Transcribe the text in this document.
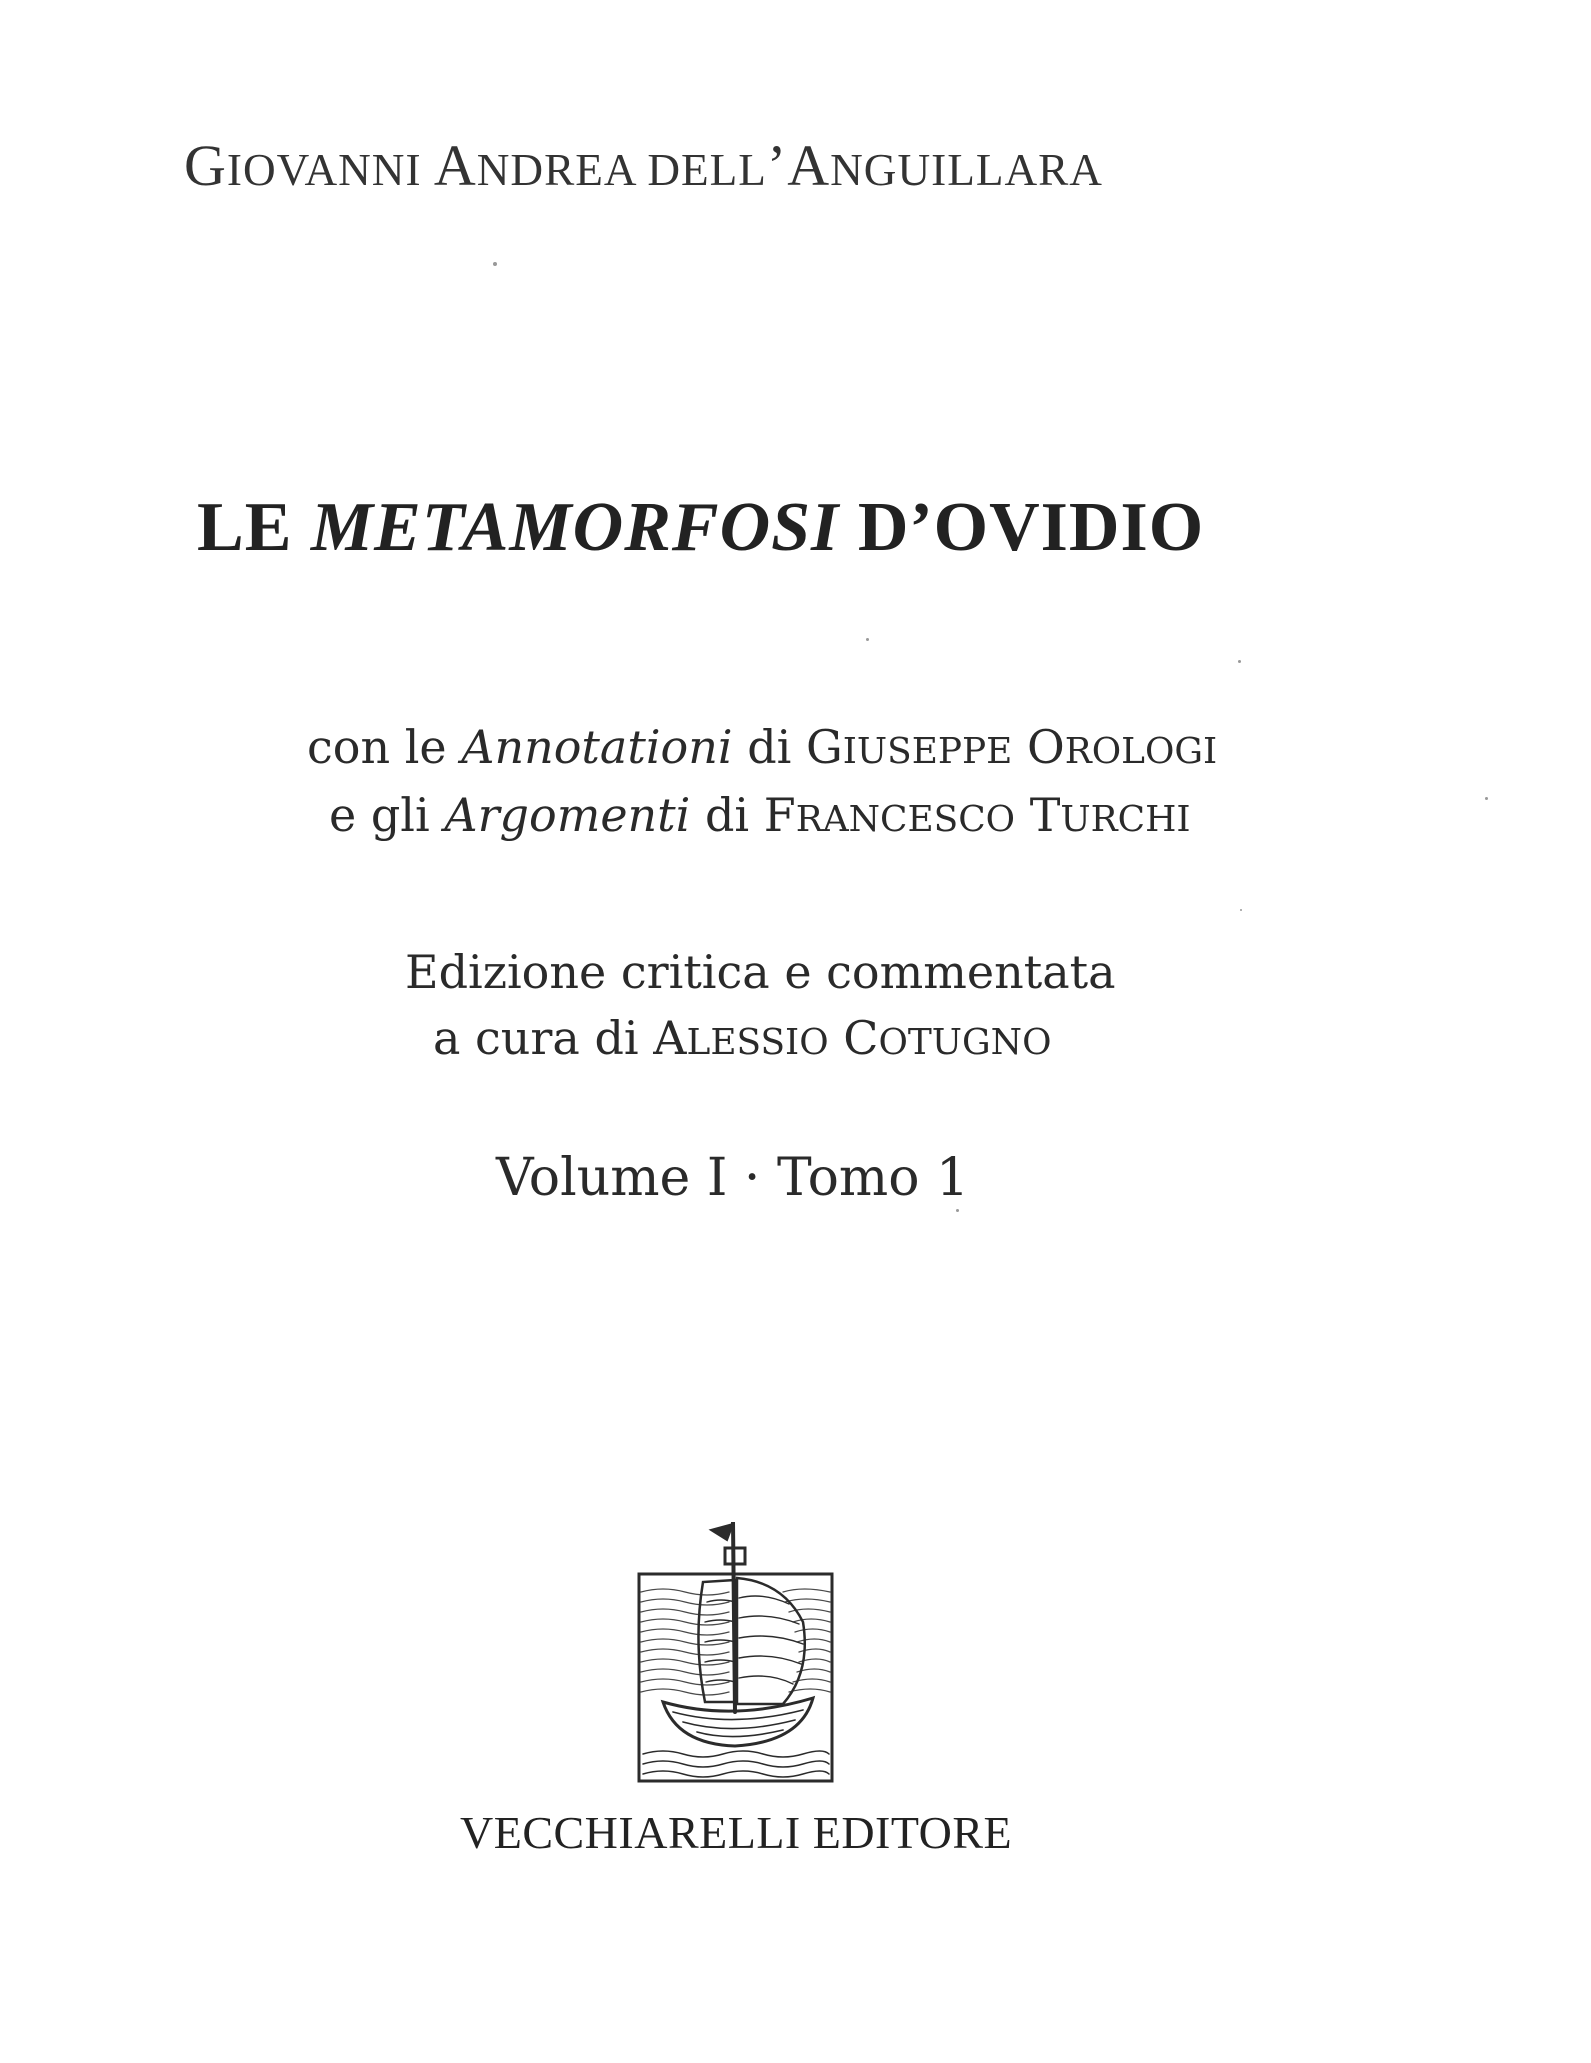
GIOVANNI ANDREA DELL’ANGUILLARA
LE METAMORFOSI D’OVIDIO
con le Annotationi di GIUSEPPE OROLOGI
e gli Argomenti di FRANCESCO TURCHI
Edizione critica e commentata
a cura di ALESSIO COTUGNO
Volume I · Tomo 1
VECCHIARELLI EDITORE
